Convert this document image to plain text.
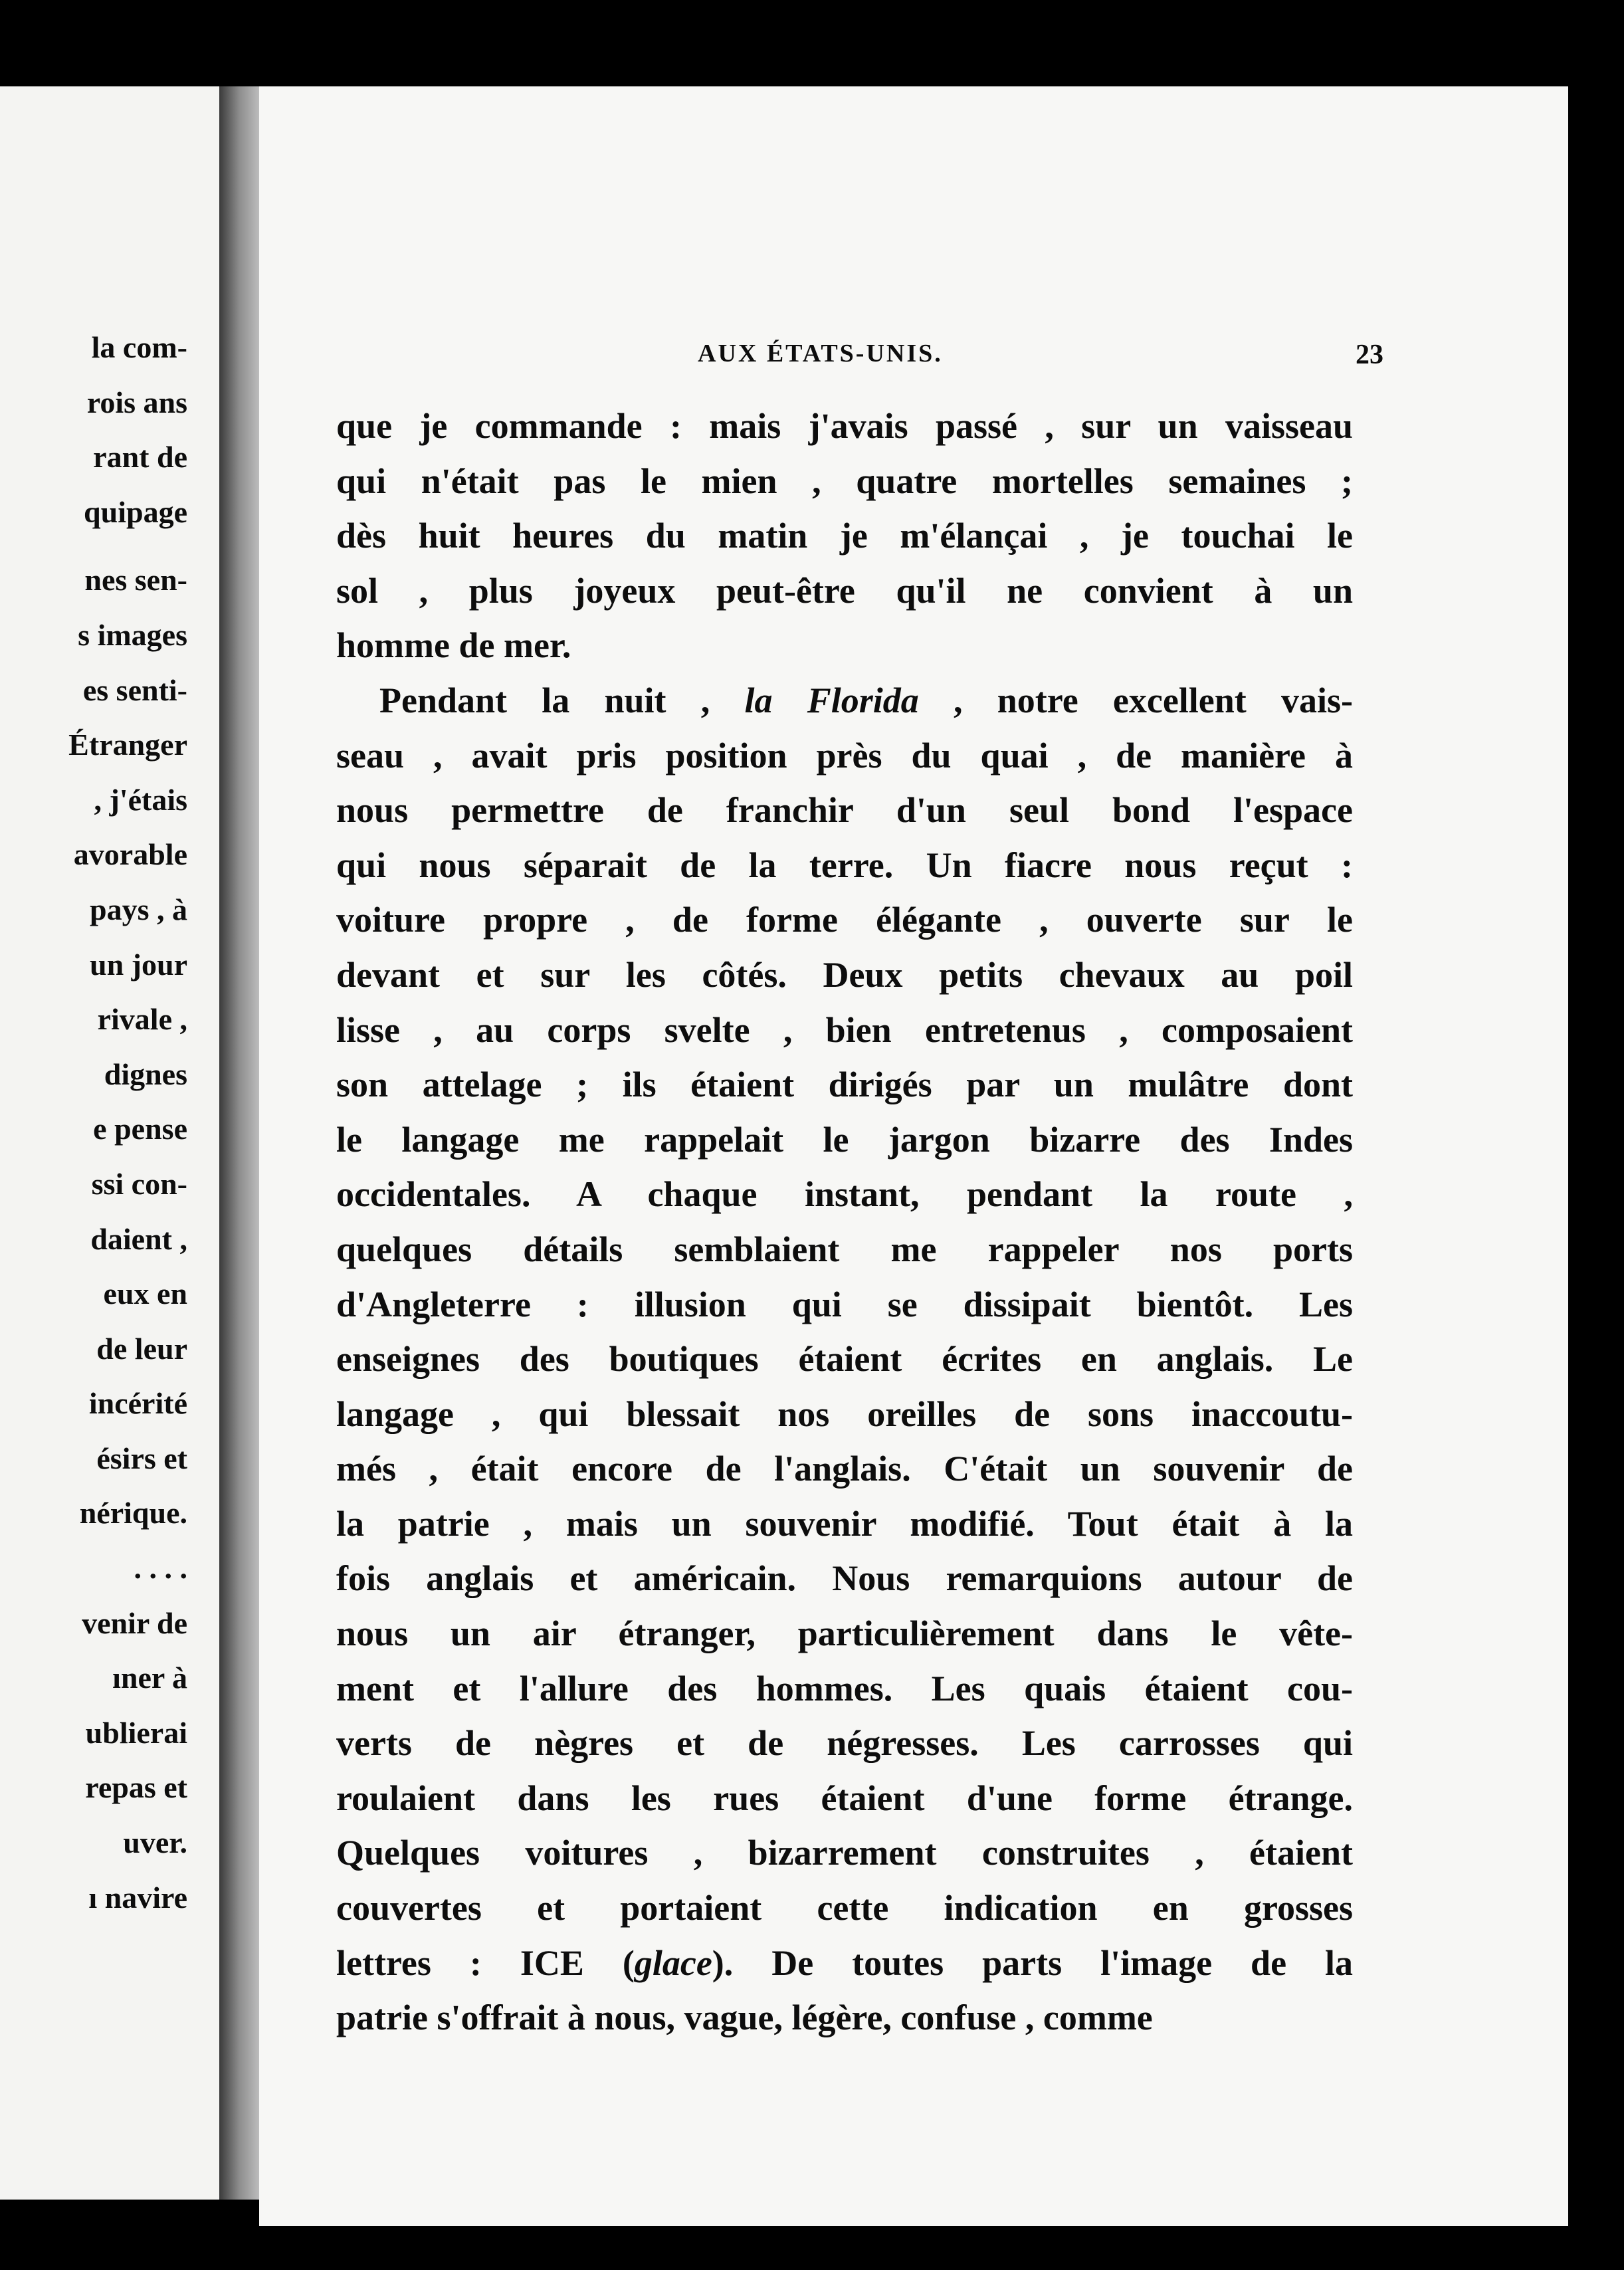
la com-
rois ans
rant de
quipage
nes sen-
s images
es senti-
Étranger
, j'étais
avorable
pays , à
un jour
rivale ,
dignes
e pense
ssi con-
daient ,
eux en
de leur
incérité
ésirs et
nérique.
. . . .
venir de
ıner à
ublierai
repas et
uver.
ı navire
AUX ÉTATS-UNIS.	23
que je commande : mais j'avais passé , sur un vaisseau
qui n'était pas le mien , quatre mortelles semaines ;
dès huit heures du matin je m'élançai , je touchai le
sol , plus joyeux peut-être qu'il ne convient à un
homme de mer.
Pendant la nuit , la Florida , notre excellent vais-
seau , avait pris position près du quai , de manière à
nous permettre de franchir d'un seul bond l'espace
qui nous séparait de la terre. Un fiacre nous reçut :
voiture propre , de forme élégante , ouverte sur le
devant et sur les côtés. Deux petits chevaux au poil
lisse , au corps svelte , bien entretenus , composaient
son attelage ; ils étaient dirigés par un mulâtre dont
le langage me rappelait le jargon bizarre des Indes
occidentales. A chaque instant, pendant la route ,
quelques détails semblaient me rappeler nos ports
d'Angleterre : illusion qui se dissipait bientôt. Les
enseignes des boutiques étaient écrites en anglais. Le
langage , qui blessait nos oreilles de sons inaccoutu-
més , était encore de l'anglais. C'était un souvenir de
la patrie , mais un souvenir modifié. Tout était à la
fois anglais et américain. Nous remarquions autour de
nous un air étranger, particulièrement dans le vête-
ment et l'allure des hommes. Les quais étaient cou-
verts de nègres et de négresses. Les carrosses qui
roulaient dans les rues étaient d'une forme étrange.
Quelques voitures , bizarrement construites , étaient
couvertes et portaient cette indication en grosses
lettres : ICE (glace). De toutes parts l'image de la
patrie s'offrait à nous, vague, légère, confuse , comme
